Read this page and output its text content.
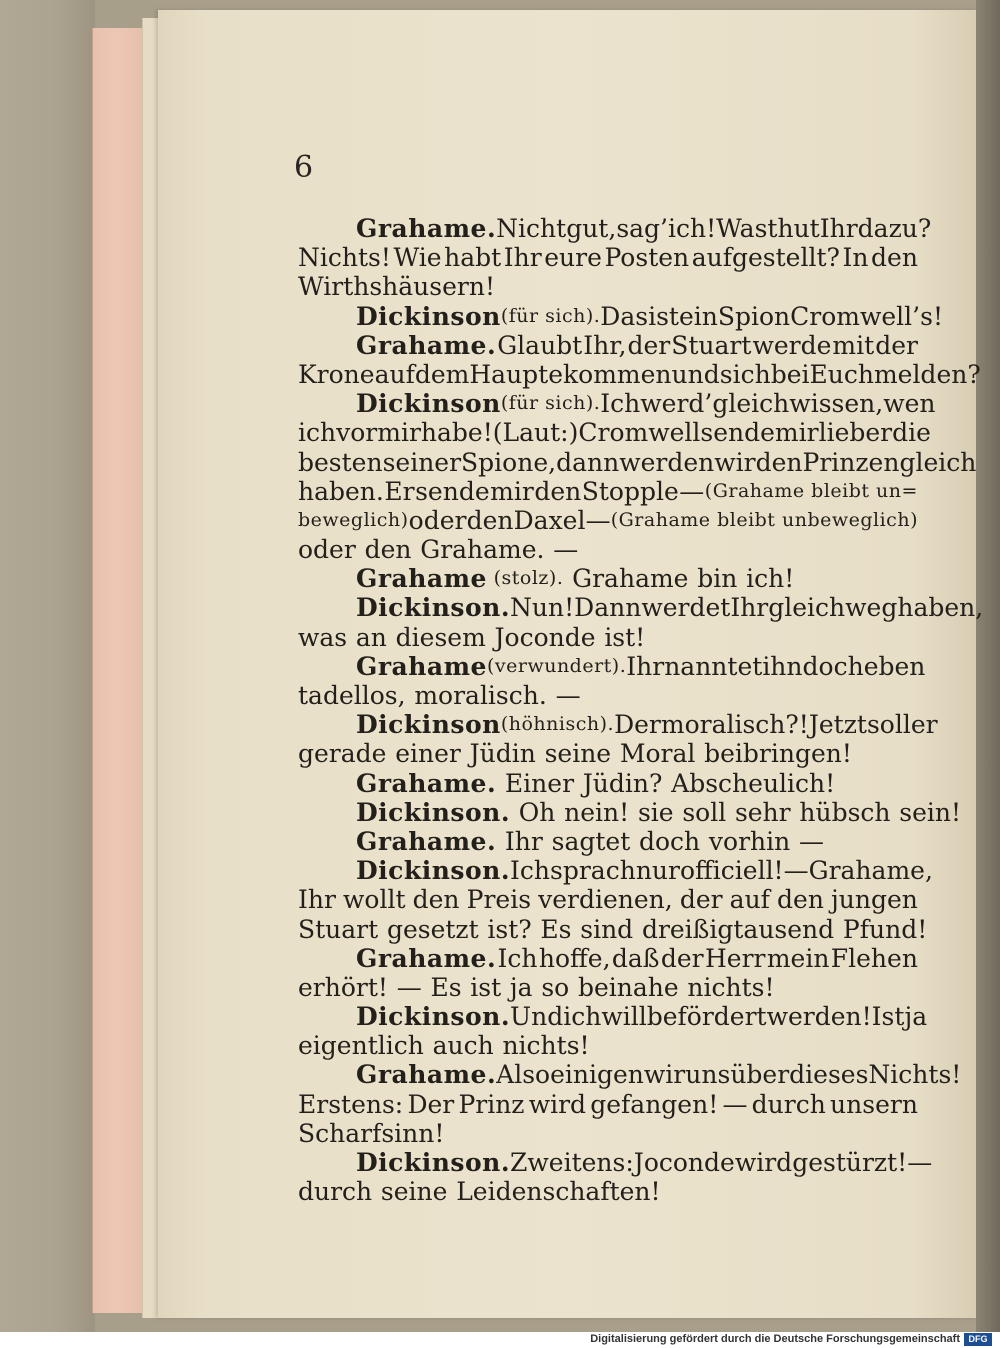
6
Grahame. Nicht gut, sag’ ich! Was thut Ihr dazu?
Nichts! Wie habt Ihr eure Posten aufgestellt? In den
Wirthshäusern!
Dickinson (für sich). Das ist ein Spion Cromwell’s!
Grahame. Glaubt Ihr, der Stuart werde mit der
Krone auf dem Haupte kommen und sich bei Euch melden?
Dickinson (für sich). Ich werd’ gleich wissen, wen
ich vor mir habe! (Laut:) Cromwell sende mir lieber die
besten seiner Spione, dann werden wir den Prinzen gleich
haben. Er sende mir den Stopple — (Grahame bleibt un=
beweglich) oder den Daxel — (Grahame bleibt unbeweglich)
oder den Grahame. —
Grahame (stolz). Grahame bin ich!
Dickinson. Nun! Dann werdet Ihr gleich weghaben,
was an diesem Joconde ist!
Grahame (verwundert). Ihr nanntet ihn doch eben
tadellos, moralisch. —
Dickinson (höhnisch). Der moralisch?! Jetzt soll er
gerade einer Jüdin seine Moral beibringen!
Grahame. Einer Jüdin? Abscheulich!
Dickinson. Oh nein! sie soll sehr hübsch sein!
Grahame. Ihr sagtet doch vorhin —
Dickinson. Ich sprach nur officiell! — Grahame,
Ihr wollt den Preis verdienen, der auf den jungen
Stuart gesetzt ist? Es sind dreißigtausend Pfund!
Grahame. Ich hoffe, daß der Herr mein Flehen
erhört! — Es ist ja so beinahe nichts!
Dickinson. Und ich will befördert werden! Ist ja
eigentlich auch nichts!
Grahame. Also einigen wir uns über dieses Nichts!
Erstens: Der Prinz wird gefangen! — durch unsern
Scharfsinn!
Dickinson. Zweitens: Joconde wird gestürzt! —
durch seine Leidenschaften!
Digitalisierung gefördert durch die Deutsche Forschungsgemeinschaft DFG
